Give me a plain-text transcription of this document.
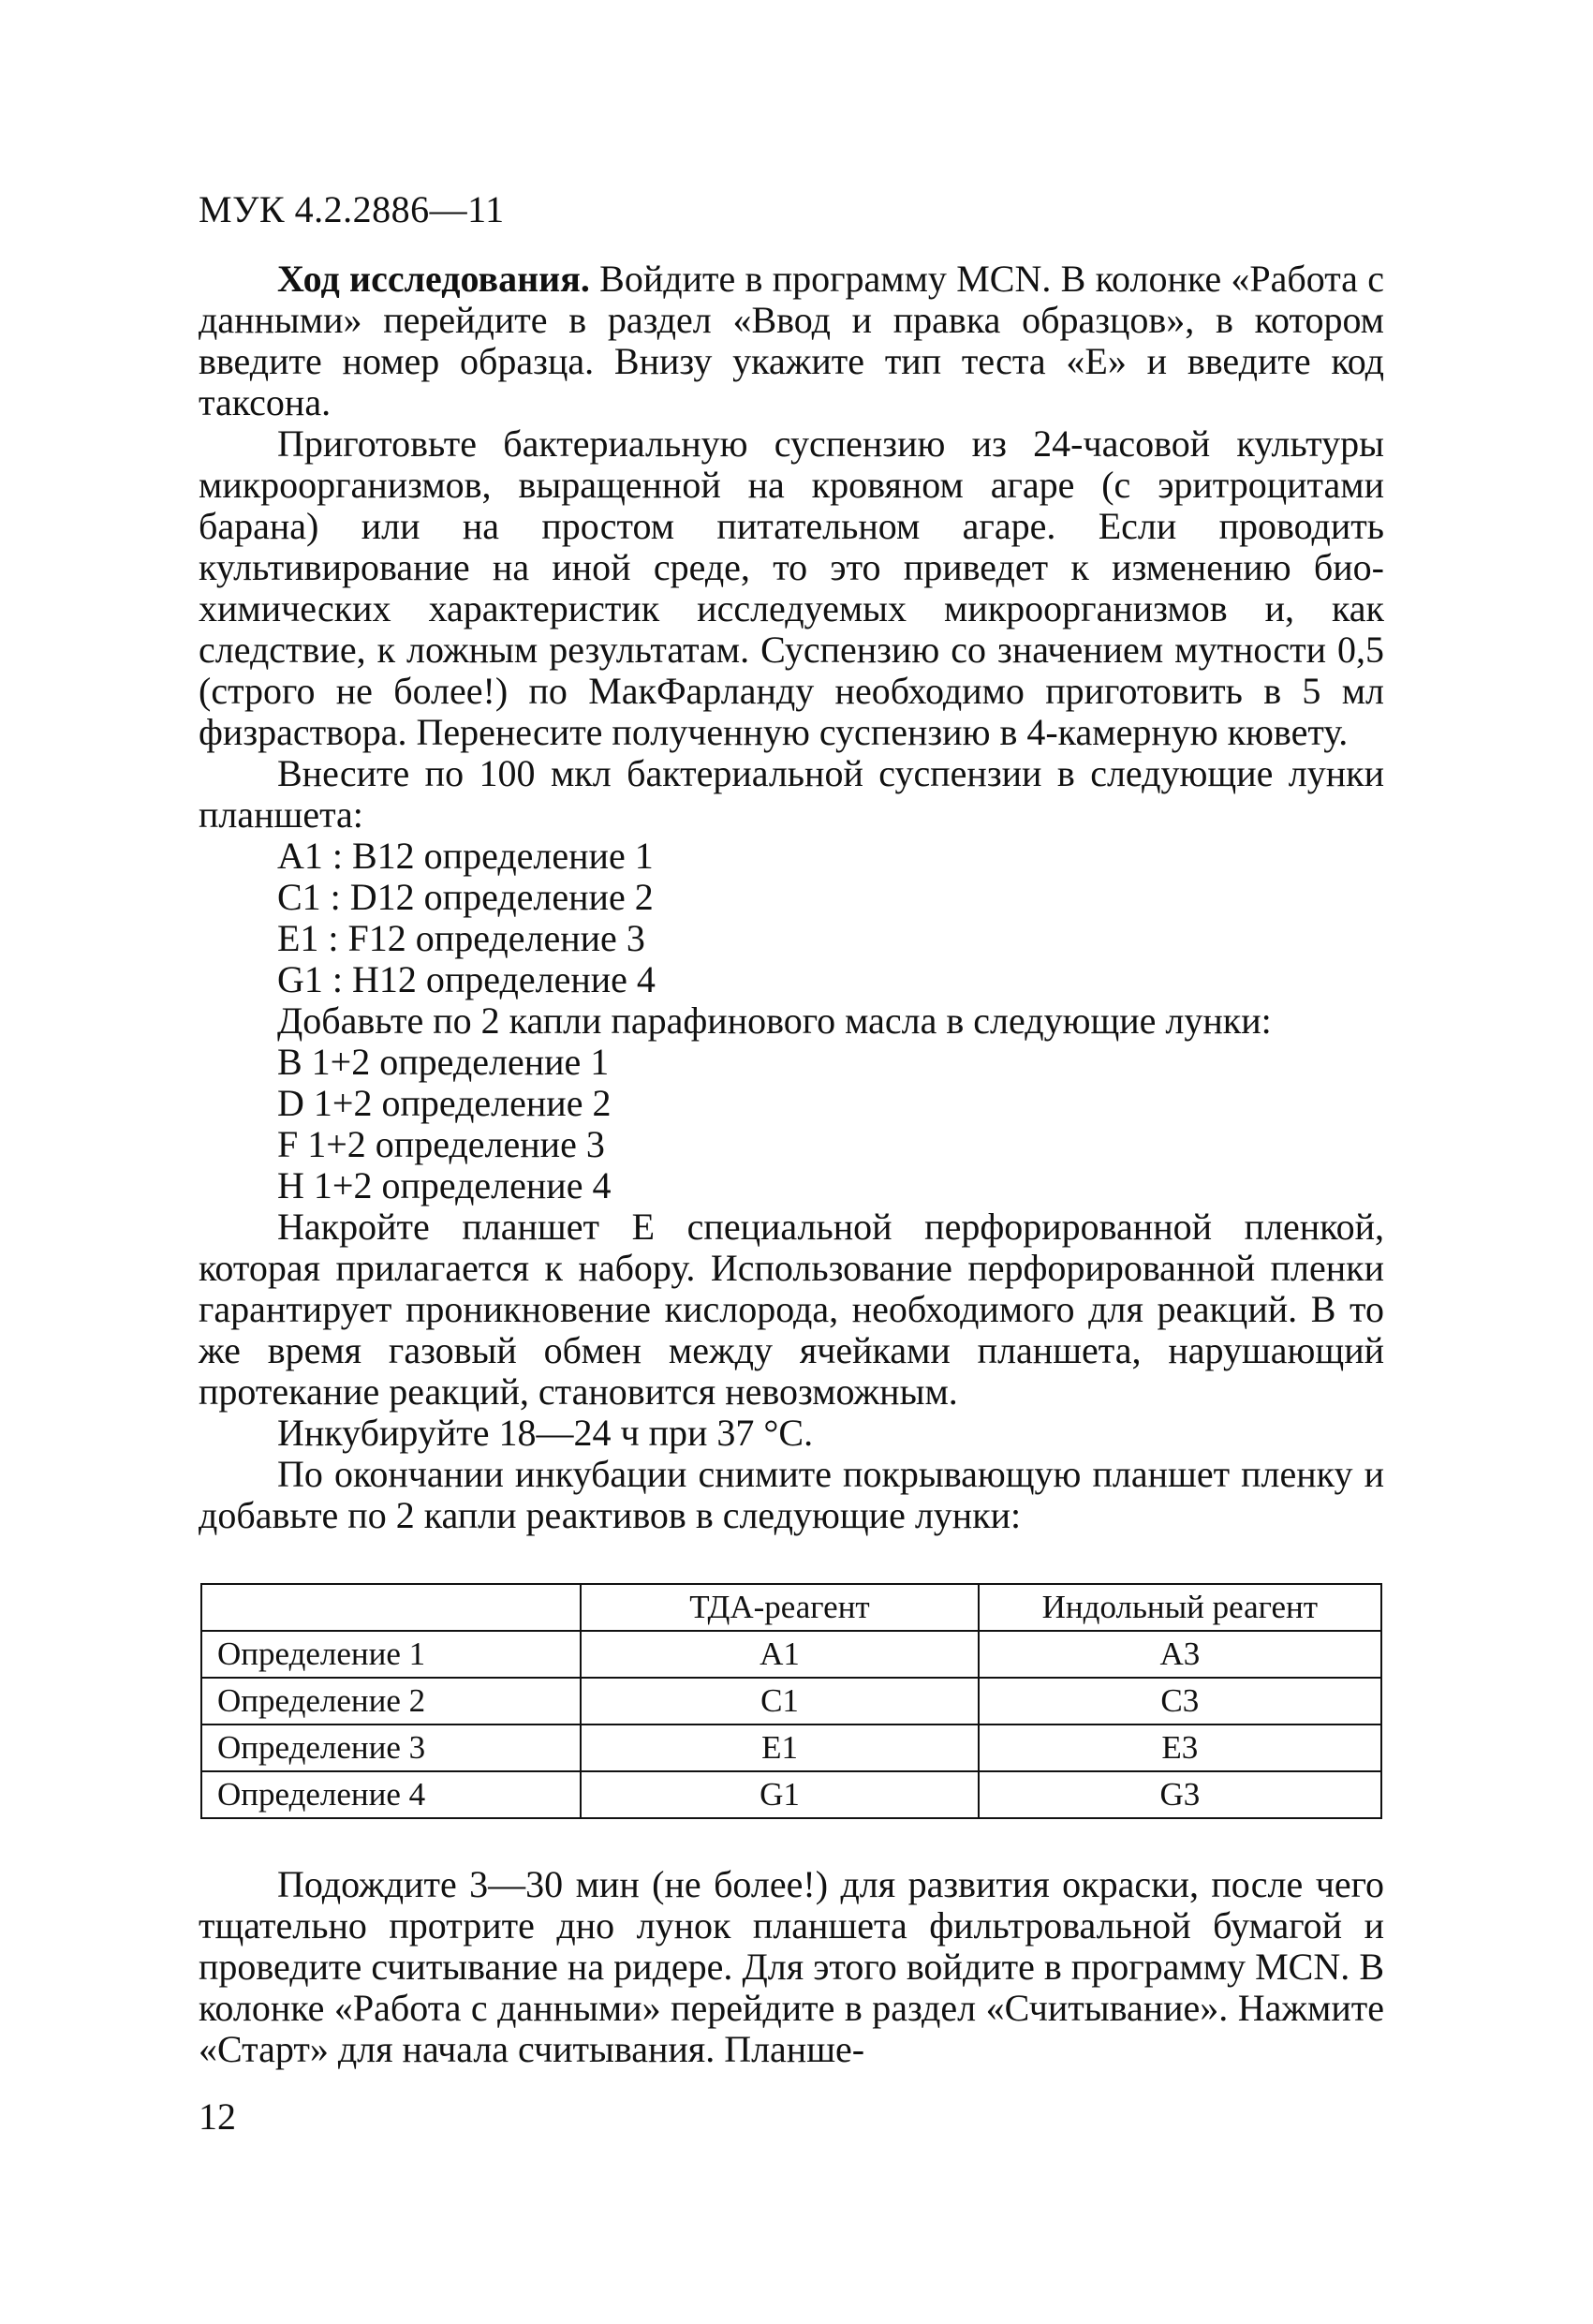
МУК 4.2.2886—11

Ход исследования. Войдите в программу MCN. В колонке «Работа с данными» перейдите в раздел «Ввод и правка образцов», в котором введите номер образца. Внизу укажите тип теста «Е» и введите код таксона.

Приготовьте бактериальную суспензию из 24-часовой культуры микроорганизмов, выращенной на кровяном агаре (с эритроцитами барана) или на простом питательном агаре. Если проводить культивирование на иной среде, то это приведет к изменению биохимических характеристик исследуемых микроорганизмов и, как следствие, к ложным результатам. Суспензию со значением мутности 0,5 (строго не более!) по МакФарланду необходимо приготовить в 5 мл физраствора. Перенесите полученную суспензию в 4-камерную кювету.

Внесите по 100 мкл бактериальной суспензии в следующие лунки планшета:

А1 : В12 определение 1
С1 : D12 определение 2
Е1 : F12 определение 3
G1 : Н12 определение 4

Добавьте по 2 капли парафинового масла в следующие лунки:

В 1+2 определение 1
D 1+2 определение 2
F 1+2 определение 3
Н 1+2 определение 4

Накройте планшет Е специальной перфорированной пленкой, которая прилагается к набору. Использование перфорированной пленки гарантирует проникновение кислорода, необходимого для реакций. В то же время газовый обмен между ячейками планшета, нарушающий протекание реакций, становится невозможным.

Инкубируйте 18—24 ч при 37 °С.

По окончании инкубации снимите покрывающую планшет пленку и добавьте по 2 капли реактивов в следующие лунки:

	ТДА-реагент	Индольный реагент
Определение 1	А1	А3
Определение 2	С1	С3
Определение 3	Е1	Е3
Определение 4	G1	G3

Подождите 3—30 мин (не более!) для развития окраски, после чего тщательно протрите дно лунок планшета фильтровальной бумагой и проведите считывание на ридере. Для этого войдите в программу MCN. В колонке «Работа с данными» перейдите в раздел «Считывание». Нажмите «Старт» для начала считывания. Планше-

12
